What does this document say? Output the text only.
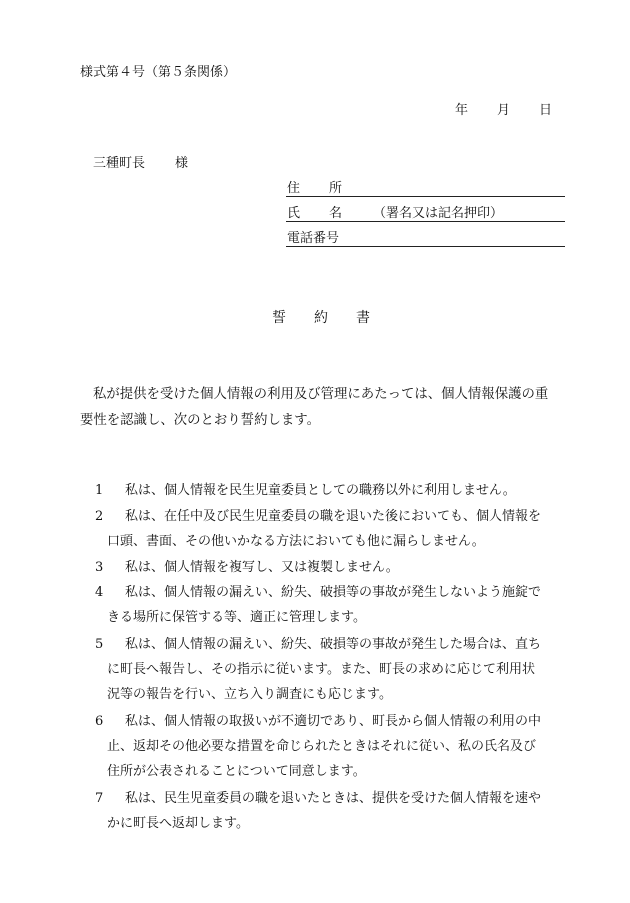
様式第４号（第５条関係）
年 月 日
三種町長 様
住 所
氏 名 （署名又は記名押印）
電話番号
誓 約 書
私が提供を受けた個人情報の利用及び管理にあたっては、個人情報保護の重
要性を認識し、次のとおり誓約します。
1	私は、個人情報を民生児童委員としての職務以外に利用しません。
2	私は、在任中及び民生児童委員の職を退いた後においても、個人情報を
口頭、書面、その他いかなる方法においても他に漏らしません。
3	私は、個人情報を複写し、又は複製しません。
4	私は、個人情報の漏えい、紛失、破損等の事故が発生しないよう施錠で
きる場所に保管する等、適正に管理します。
5	私は、個人情報の漏えい、紛失、破損等の事故が発生した場合は、直ち
に町長へ報告し、その指示に従います。また、町長の求めに応じて利用状
況等の報告を行い、立ち入り調査にも応じます。
6	私は、個人情報の取扱いが不適切であり、町長から個人情報の利用の中
止、返却その他必要な措置を命じられたときはそれに従い、私の氏名及び
住所が公表されることについて同意します。
7	私は、民生児童委員の職を退いたときは、提供を受けた個人情報を速や
かに町長へ返却します。
